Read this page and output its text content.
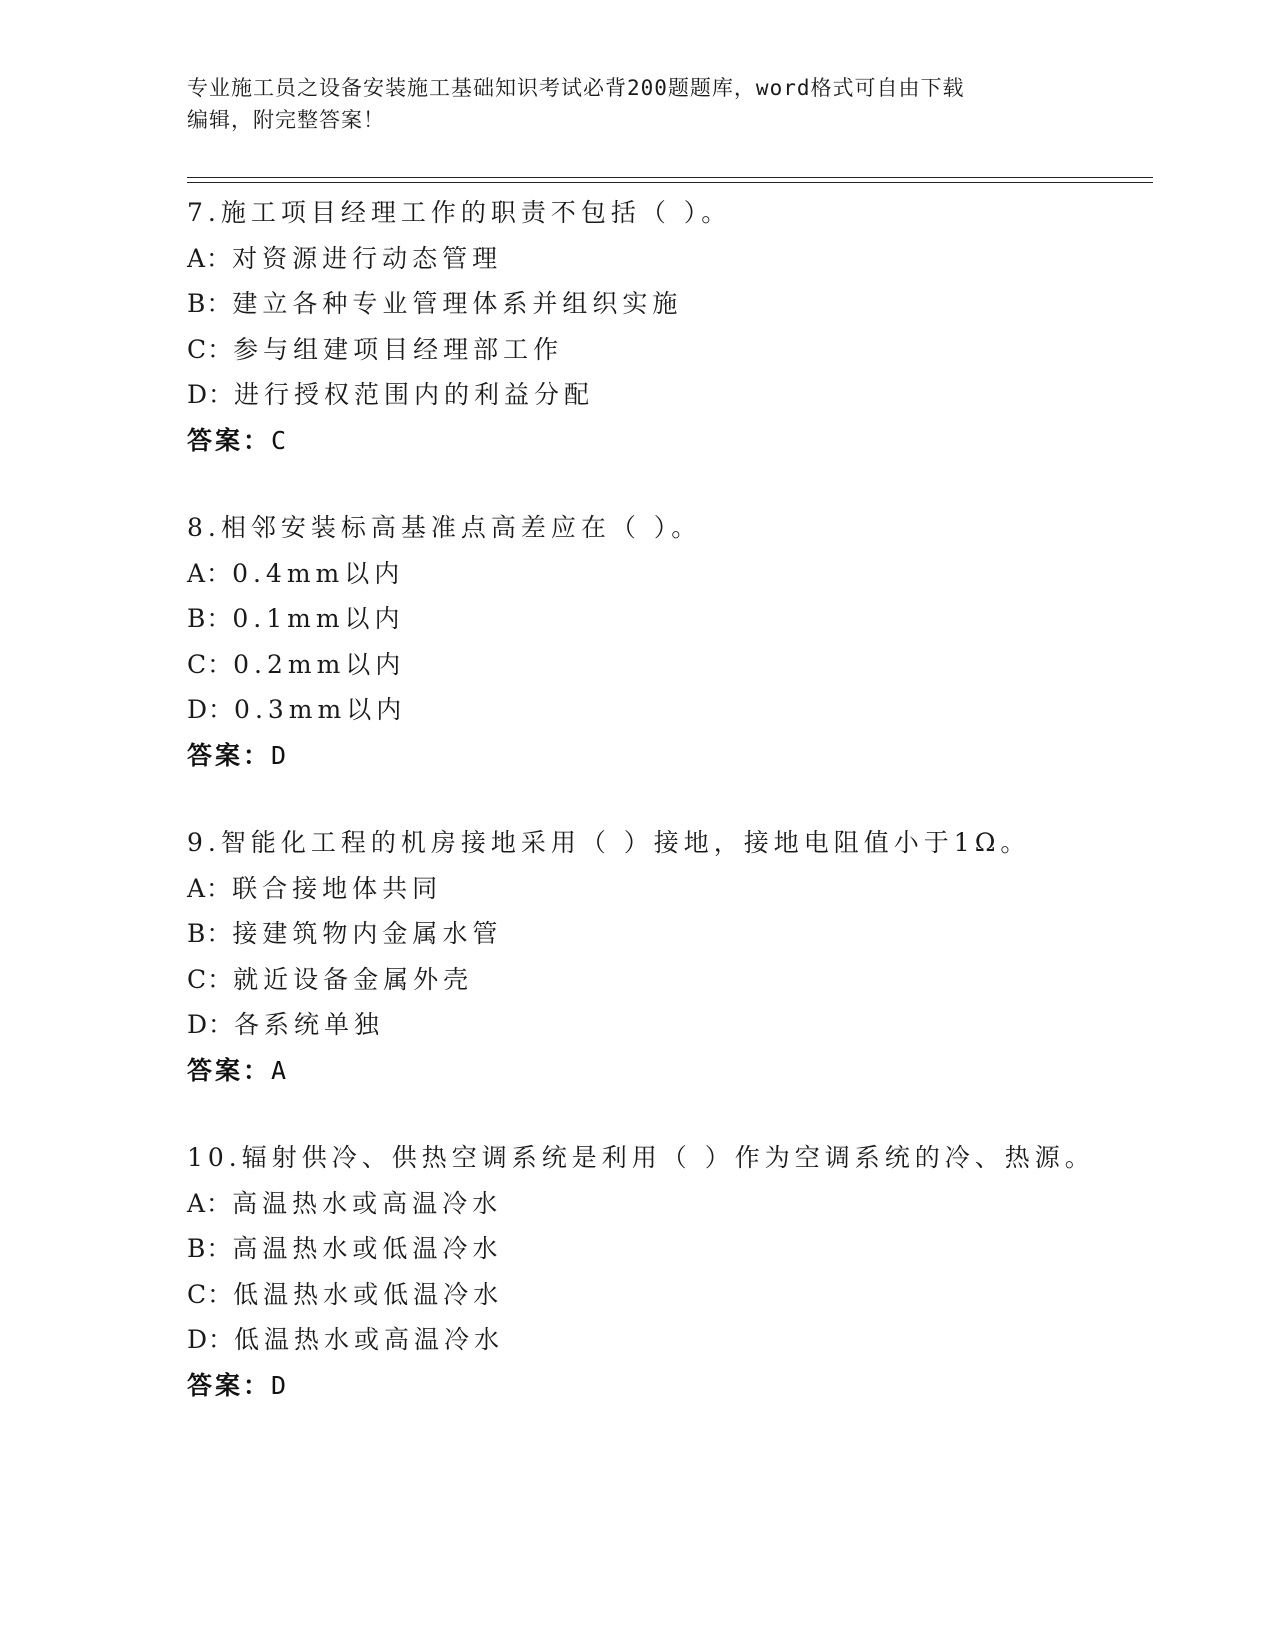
专业施工员之设备安装施工基础知识考试必背200题题库，word格式可自由下载
编辑，附完整答案！
7.施工项目经理工作的职责不包括（ ）。
A：对资源进行动态管理
B：建立各种专业管理体系并组织实施
C：参与组建项目经理部工作
D：进行授权范围内的利益分配
答案：C
8.相邻安装标高基准点高差应在（ ）。
A：0.4mm以内
B：0.1mm以内
C：0.2mm以内
D：0.3mm以内
答案：D
9.智能化工程的机房接地采用（ ）接地，接地电阻值小于1Ω。
A：联合接地体共同
B：接建筑物内金属水管
C：就近设备金属外壳
D：各系统单独
答案：A
10.辐射供冷、供热空调系统是利用（ ）作为空调系统的冷、热源。
A：高温热水或高温冷水
B：高温热水或低温冷水
C：低温热水或低温冷水
D：低温热水或高温冷水
答案：D
